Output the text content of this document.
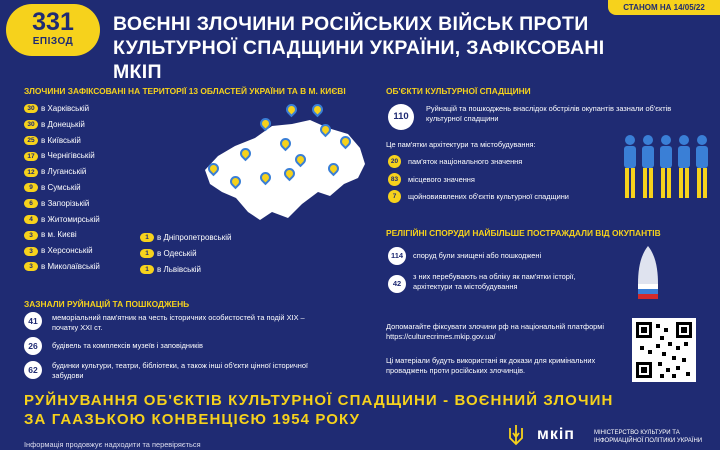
331
ЕПІЗОД
ВОЄННІ ЗЛОЧИНИ РОСІЙСЬКИХ ВІЙСЬК ПРОТИ
КУЛЬТУРНОЇ СПАДЩИНИ УКРАЇНИ, ЗАФІКСОВАНІ МКІП
СТАНОМ НА 14/05/22
ЗЛОЧИНИ ЗАФІКСОВАНІ НА ТЕРИТОРІЇ 13 ОБЛАСТЕЙ УКРАЇНИ ТА В М. КИЄВІ
30 в Харківській
30 в Донецькій
25 в Київській
17 в Чернігівській
12 в Луганській
9 в Сумській
6 в Запорізькій
4 в Житомирській
3 в м. Києві
3 в Херсонській
3 в Миколаївській
1 в Дніпропетровській
1 в Одеській
1 в Львівській
ЗАЗНАЛИ РУЙНАЦІЙ ТА ПОШКОДЖЕНЬ
41	меморіальний пам'ятник на честь історичних особистостей та подій XIX – початку XXI ст.
26	будівель та комплексів музеїв і заповідників
62	будинки культури, театри, бібліотеки, а також інші об'єкти цінної історичної забудови
ОБ'ЄКТИ КУЛЬТУРНОЇ СПАДЩИНИ
110
Руйнацій та пошкоджень внаслідок обстрілів окупантів зазнали об'єктів культурної спадщини
Це пам'ятки архітектури та містобудування:
20	пам'яток національного значення
83	місцевого значення
7	щойновиявлених об'єктів культурної спадщини
РЕЛІГІЙНІ СПОРУДИ НАЙБІЛЬШЕ ПОСТРАЖДАЛИ ВІД ОКУПАНТІВ
114	споруд були знищені або пошкоджені
42
з них перебувають на обліку як пам'ятки історії, архітектури та містобудування
Допомагайте фіксувати злочини рф на національній платформі https://culturecrimes.mkip.gov.ua/
Ці матеріали будуть використані як докази для кримінальних проваджень проти російських злочинців.
РУЙНУВАННЯ ОБ'ЄКТІВ КУЛЬТУРНОЇ СПАДЩИНИ - ВОЄННИЙ ЗЛОЧИН
ЗА ГААЗЬКОЮ КОНВЕНЦІЄЮ 1954 РОКУ
Інформація продовжує надходити та перевіряється
мкіп	МІНІСТЕРСТВО КУЛЬТУРИ ТА
ІНФОРМАЦІЙНОЇ ПОЛІТИКИ УКРАЇНИ
